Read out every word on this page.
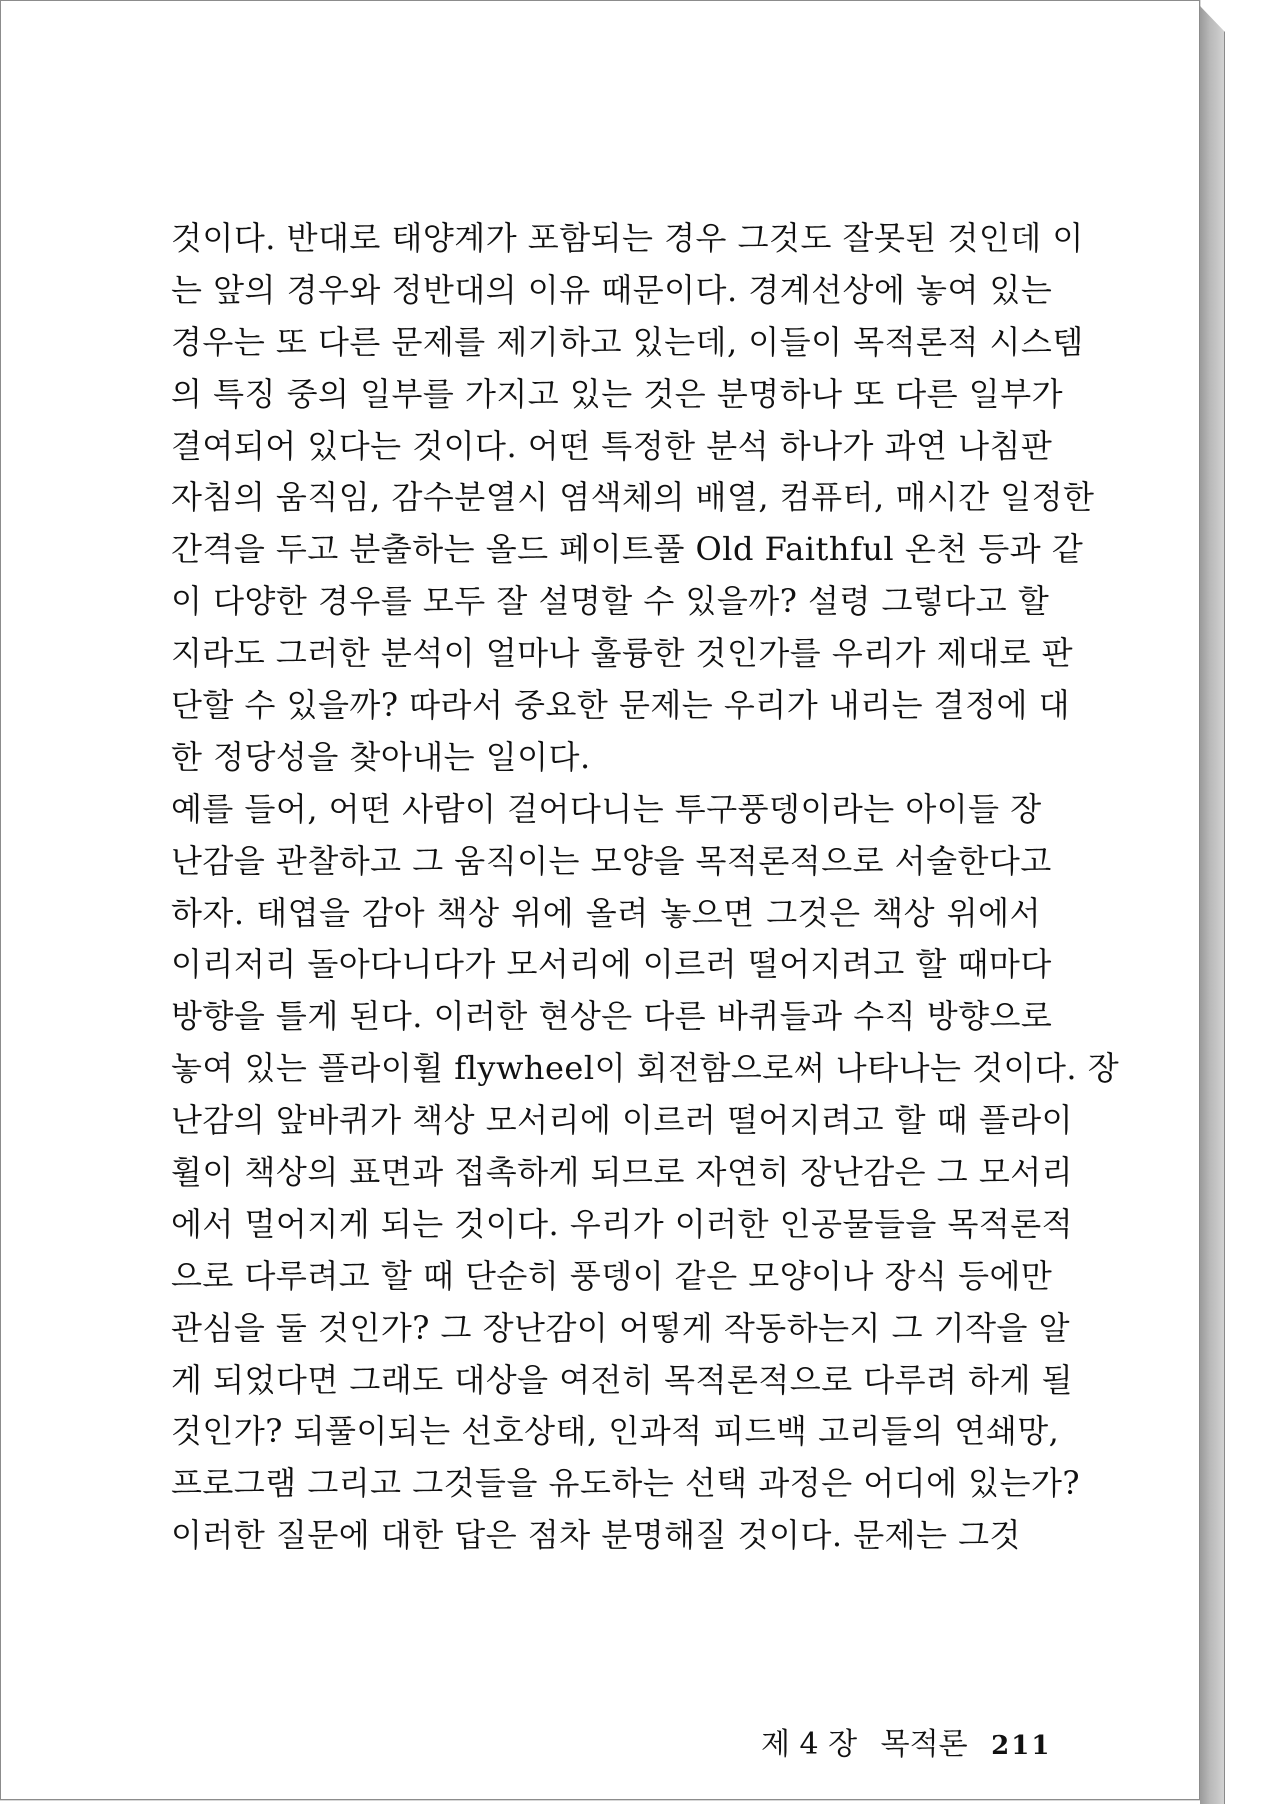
것이다. 반대로 태양계가 포함되는 경우 그것도 잘못된 것인데 이
는 앞의 경우와 정반대의 이유 때문이다. 경계선상에 놓여 있는
경우는 또 다른 문제를 제기하고 있는데, 이들이 목적론적 시스템
의 특징 중의 일부를 가지고 있는 것은 분명하나 또 다른 일부가
결여되어 있다는 것이다. 어떤 특정한 분석 하나가 과연 나침판
자침의 움직임, 감수분열시 염색체의 배열, 컴퓨터, 매시간 일정한
간격을 두고 분출하는 올드 페이트풀 Old Faithful 온천 등과 같
이 다양한 경우를 모두 잘 설명할 수 있을까? 설령 그렇다고 할
지라도 그러한 분석이 얼마나 훌륭한 것인가를 우리가 제대로 판
단할 수 있을까? 따라서 중요한 문제는 우리가 내리는 결정에 대
한 정당성을 찾아내는 일이다.
예를 들어, 어떤 사람이 걸어다니는 투구풍뎅이라는 아이들 장
난감을 관찰하고 그 움직이는 모양을 목적론적으로 서술한다고
하자. 태엽을 감아 책상 위에 올려 놓으면 그것은 책상 위에서
이리저리 돌아다니다가 모서리에 이르러 떨어지려고 할 때마다
방향을 틀게 된다. 이러한 현상은 다른 바퀴들과 수직 방향으로
놓여 있는 플라이휠 flywheel이 회전함으로써 나타나는 것이다. 장
난감의 앞바퀴가 책상 모서리에 이르러 떨어지려고 할 때 플라이
휠이 책상의 표면과 접촉하게 되므로 자연히 장난감은 그 모서리
에서 멀어지게 되는 것이다. 우리가 이러한 인공물들을 목적론적
으로 다루려고 할 때 단순히 풍뎅이 같은 모양이나 장식 등에만
관심을 둘 것인가? 그 장난감이 어떻게 작동하는지 그 기작을 알
게 되었다면 그래도 대상을 여전히 목적론적으로 다루려 하게 될
것인가? 되풀이되는 선호상태, 인과적 피드백 고리들의 연쇄망,
프로그램 그리고 그것들을 유도하는 선택 과정은 어디에 있는가?
이러한 질문에 대한 답은 점차 분명해질 것이다. 문제는 그것
제 4 장 목적론 211
